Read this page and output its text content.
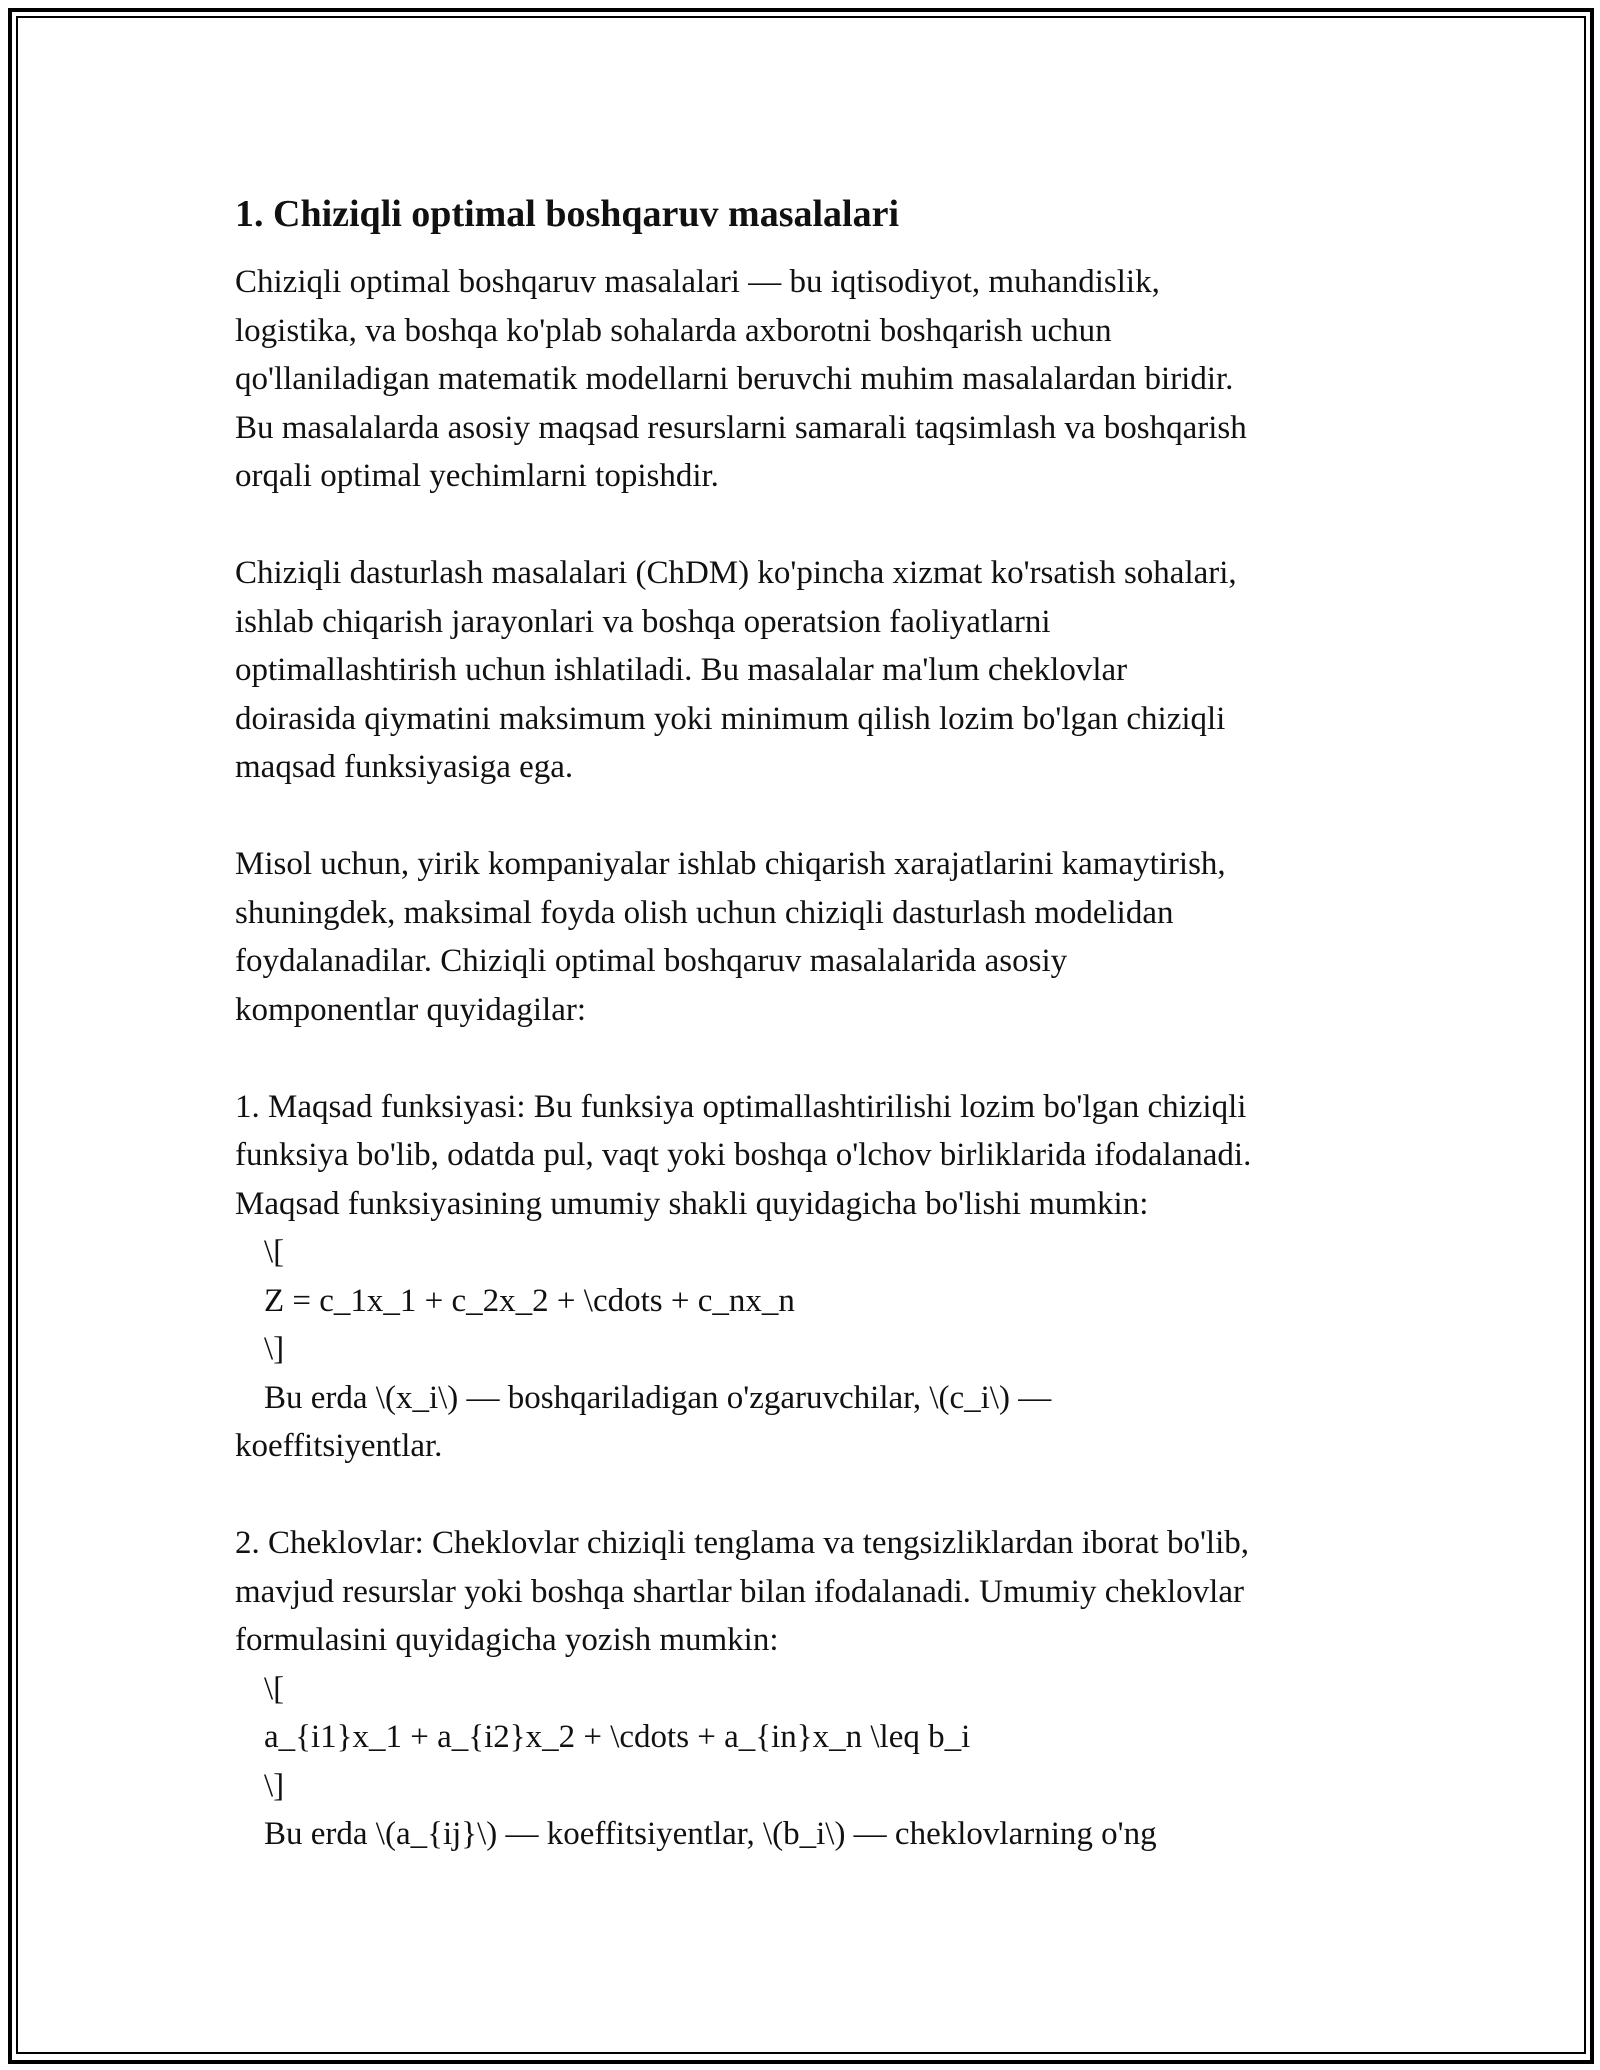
1. Chiziqli optimal boshqaruv masalalari
Chiziqli optimal boshqaruv masalalari — bu iqtisodiyot, muhandislik,
logistika, va boshqa ko'plab sohalarda axborotni boshqarish uchun
qo'llaniladigan matematik modellarni beruvchi muhim masalalardan biridir.
Bu masalalarda asosiy maqsad resurslarni samarali taqsimlash va boshqarish
orqali optimal yechimlarni topishdir.
Chiziqli dasturlash masalalari (ChDM) ko'pincha xizmat ko'rsatish sohalari,
ishlab chiqarish jarayonlari va boshqa operatsion faoliyatlarni
optimallashtirish uchun ishlatiladi. Bu masalalar ma'lum cheklovlar
doirasida qiymatini maksimum yoki minimum qilish lozim bo'lgan chiziqli
maqsad funksiyasiga ega.
Misol uchun, yirik kompaniyalar ishlab chiqarish xarajatlarini kamaytirish,
shuningdek, maksimal foyda olish uchun chiziqli dasturlash modelidan
foydalanadilar. Chiziqli optimal boshqaruv masalalarida asosiy
komponentlar quyidagilar:
1. Maqsad funksiyasi: Bu funksiya optimallashtirilishi lozim bo'lgan chiziqli
funksiya bo'lib, odatda pul, vaqt yoki boshqa o'lchov birliklarida ifodalanadi.
Maqsad funksiyasining umumiy shakli quyidagicha bo'lishi mumkin:
\[
Z = c_1x_1 + c_2x_2 + \cdots + c_nx_n
\]
Bu erda \(x_i\) — boshqariladigan o'zgaruvchilar, \(c_i\) —
koeffitsiyentlar.
2. Cheklovlar: Cheklovlar chiziqli tenglama va tengsizliklardan iborat bo'lib,
mavjud resurslar yoki boshqa shartlar bilan ifodalanadi. Umumiy cheklovlar
formulasini quyidagicha yozish mumkin:
\[
a_{i1}x_1 + a_{i2}x_2 + \cdots + a_{in}x_n \leq b_i
\]
Bu erda \(a_{ij}\) — koeffitsiyentlar, \(b_i\) — cheklovlarning o'ng
